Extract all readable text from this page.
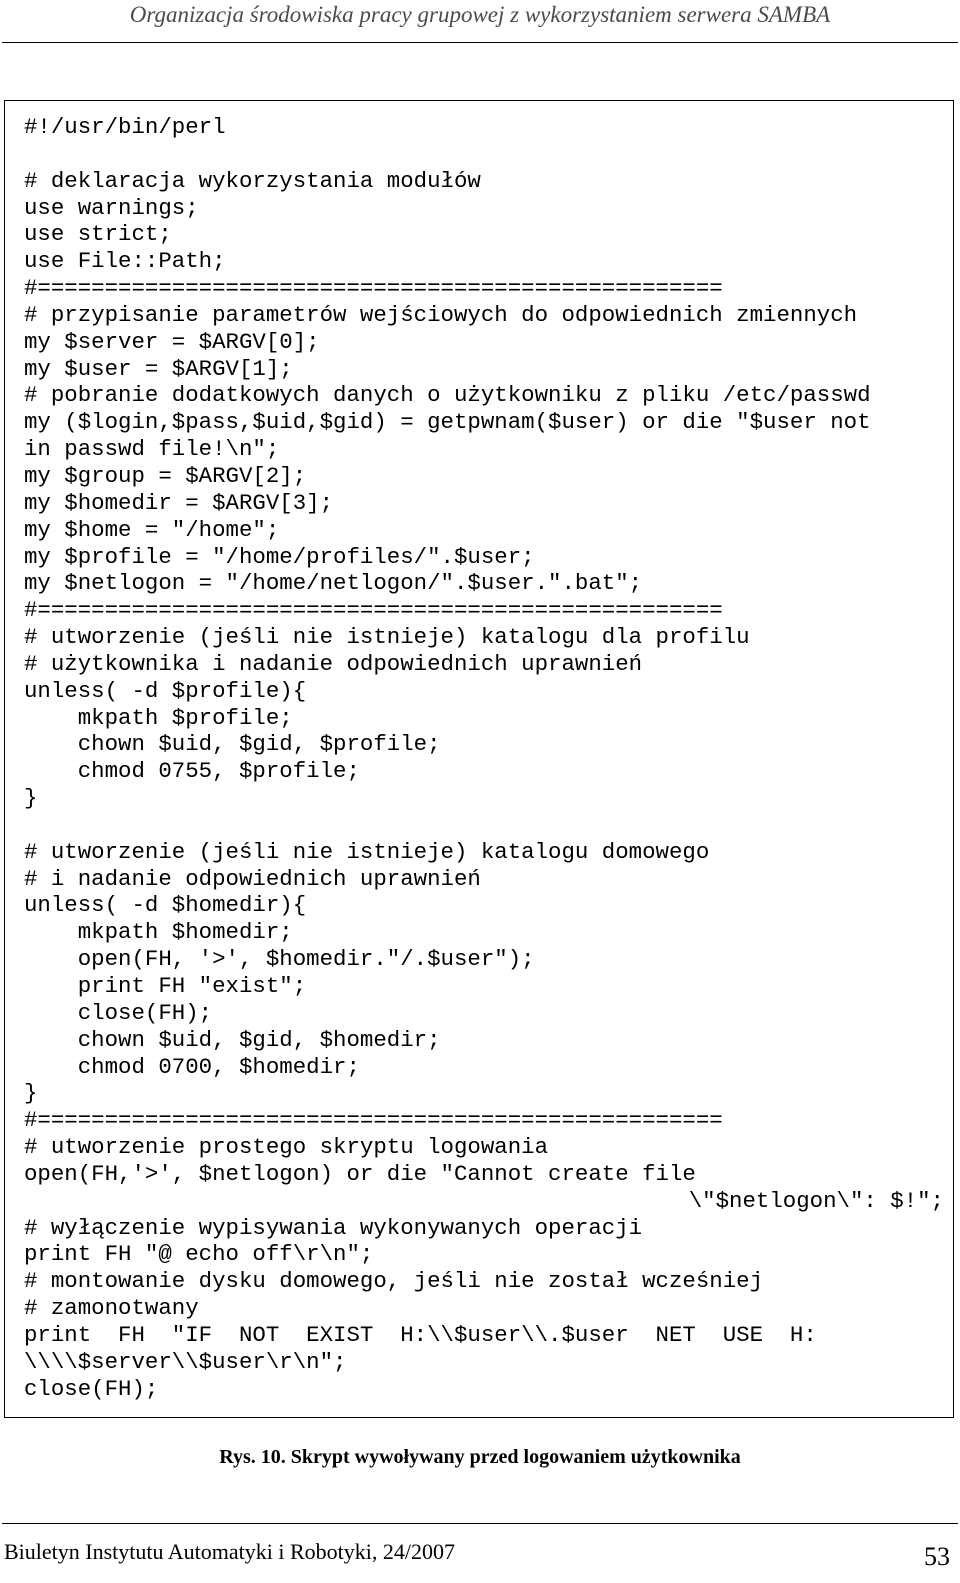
Organizacja środowiska pracy grupowej z wykorzystaniem serwera SAMBA
#!/usr/bin/perl

# deklaracja wykorzystania modułów
use warnings;
use strict;
use File::Path;
#===================================================
# przypisanie parametrów wejściowych do odpowiednich zmiennych
my $server = $ARGV[0];
my $user = $ARGV[1];
# pobranie dodatkowych danych o użytkowniku z pliku /etc/passwd
my ($login,$pass,$uid,$gid) = getpwnam($user) or die "$user not
in passwd file!\n";
my $group = $ARGV[2];
my $homedir = $ARGV[3];
my $home = "/home";
my $profile = "/home/profiles/".$user;
my $netlogon = "/home/netlogon/".$user.".bat";
#===================================================
# utworzenie (jeśli nie istnieje) katalogu dla profilu
# użytkownika i nadanie odpowiednich uprawnień
unless( -d $profile){
mkpath $profile;
chown $uid, $gid, $profile;
chmod 0755, $profile;
}

# utworzenie (jeśli nie istnieje) katalogu domowego
# i nadanie odpowiednich uprawnień
unless( -d $homedir){
mkpath $homedir;
open(FH, '>', $homedir."/.$user");
print FH "exist";
close(FH);
chown $uid, $gid, $homedir;
chmod 0700, $homedir;
}
#===================================================
# utworzenie prostego skryptu logowania
open(FH,'>', $netlogon) or die "Cannot create file
\"$netlogon\": $!";
# wyłączenie wypisywania wykonywanych operacji
print FH "@ echo off\r\n";
# montowanie dysku domowego, jeśli nie został wcześniej
# zamonotwany
print  FH  "IF  NOT  EXIST  H:\\$user\\.$user  NET  USE  H:
\\\\$server\\$user\r\n";
close(FH);
Rys. 10. Skrypt wywoływany przed logowaniem użytkownika
Biuletyn Instytutu Automatyki i Robotyki, 24/2007	53
